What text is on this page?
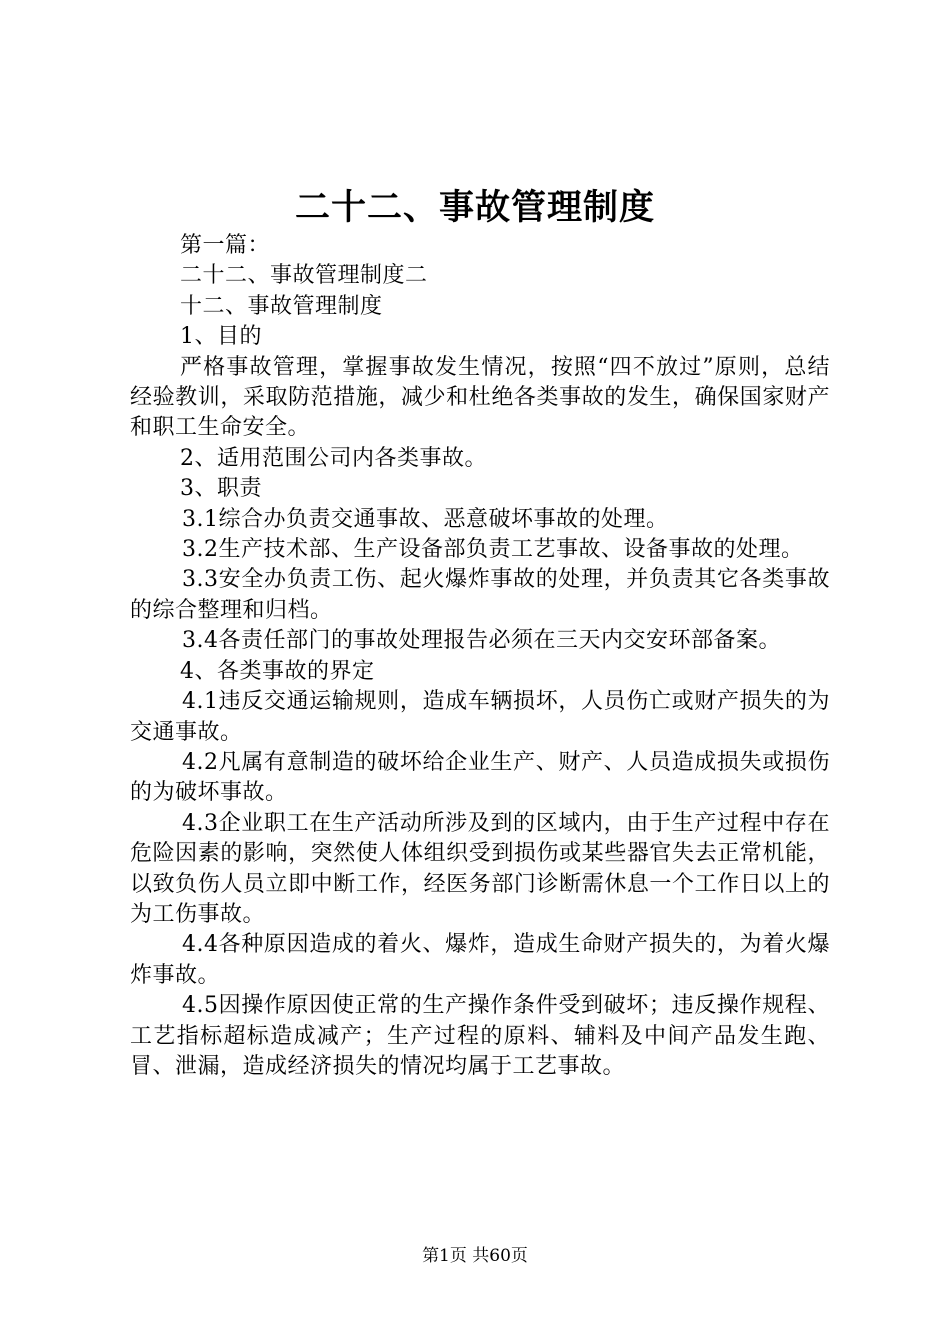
二十二、事故管理制度

第一篇：

二十二、事故管理制度二

十二、事故管理制度

1、目的

严格事故管理，掌握事故发生情况，按照“四不放过”原则，总结经验教训，采取防范措施，减少和杜绝各类事故的发生，确保国家财产和职工生命安全。

2、适用范围公司内各类事故。

3、职责

3.1综合办负责交通事故、恶意破坏事故的处理。

3.2生产技术部、生产设备部负责工艺事故、设备事故的处理。

3.3安全办负责工伤、起火爆炸事故的处理，并负责其它各类事故的综合整理和归档。

3.4各责任部门的事故处理报告必须在三天内交安环部备案。

4、各类事故的界定

4.1违反交通运输规则，造成车辆损坏，人员伤亡或财产损失的为交通事故。

4.2凡属有意制造的破坏给企业生产、财产、人员造成损失或损伤的为破坏事故。

4.3企业职工在生产活动所涉及到的区域内，由于生产过程中存在危险因素的影响，突然使人体组织受到损伤或某些器官失去正常机能，以致负伤人员立即中断工作，经医务部门诊断需休息一个工作日以上的为工伤事故。

4.4各种原因造成的着火、爆炸，造成生命财产损失的，为着火爆炸事故。

4.5因操作原因使正常的生产操作条件受到破坏；违反操作规程、工艺指标超标造成减产；生产过程的原料、辅料及中间产品发生跑、冒、泄漏，造成经济损失的情况均属于工艺事故。

第1页 共60页
